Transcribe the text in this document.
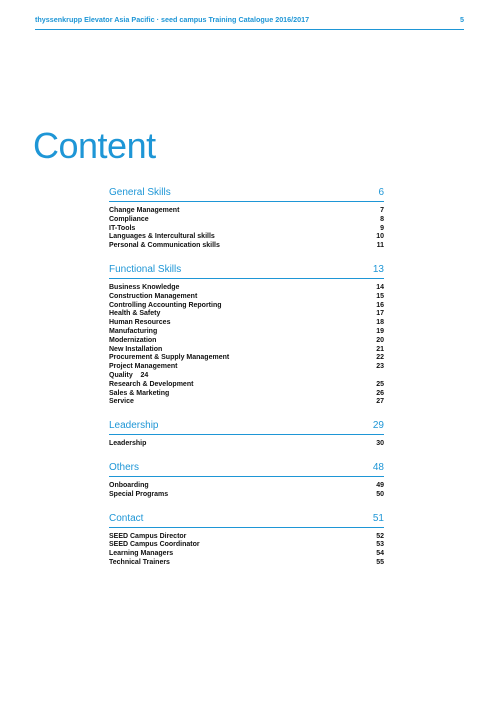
thyssenkrupp Elevator Asia Pacific · seed campus Training Catalogue 2016/2017	5
Content
General Skills	6
Change Management	7
Compliance	8
IT-Tools	9
Languages & Intercultural skills	10
Personal & Communication skills	11
Functional Skills	13
Business Knowledge	14
Construction Management	15
Controlling Accounting Reporting	16
Health & Safety	17
Human Resources	18
Manufacturing	19
Modernization	20
New Installation	21
Procurement & Supply Management	22
Project Management	23
Quality    24
Research & Development	25
Sales & Marketing	26
Service	27
Leadership	29
Leadership	30
Others	48
Onboarding	49
Special Programs	50
Contact	51
SEED Campus Director	52
SEED Campus Coordinator	53
Learning Managers	54
Technical Trainers	55
